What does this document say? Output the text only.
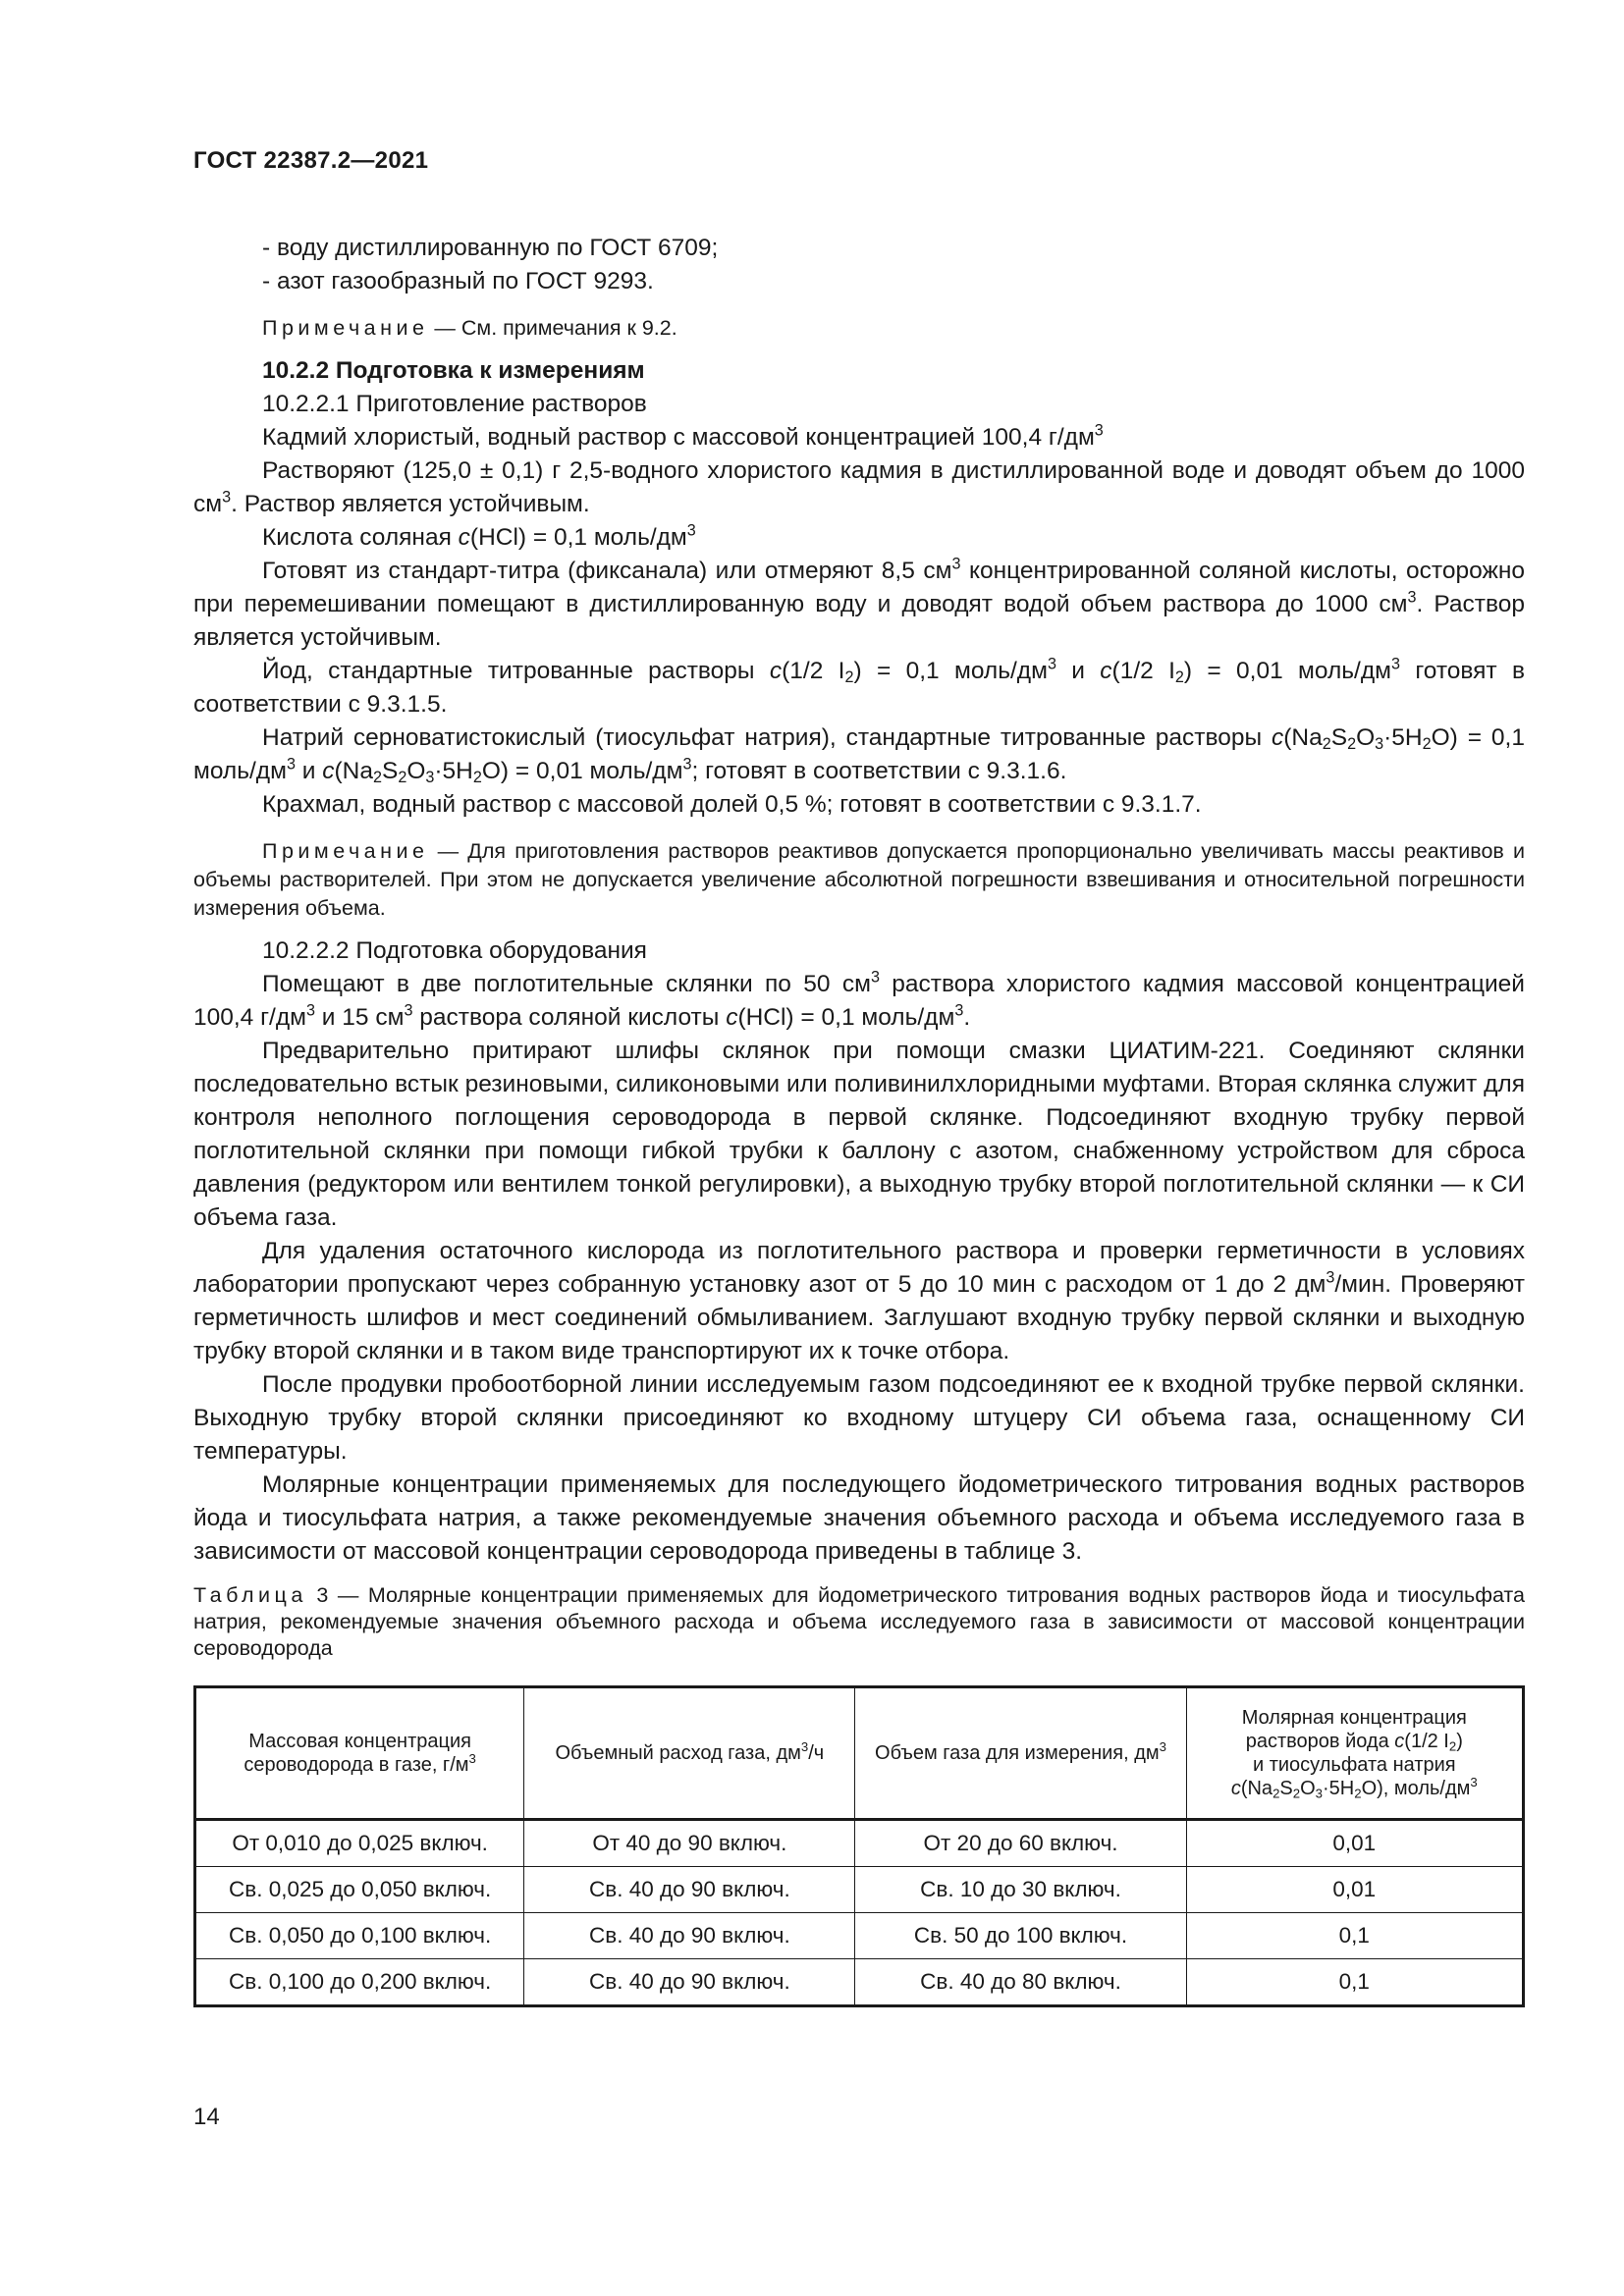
ГОСТ 22387.2—2021

- воду дистиллированную по ГОСТ 6709;

- азот газообразный по ГОСТ 9293.

Примечание — См. примечания к 9.2.

10.2.2 Подготовка к измерениям

10.2.2.1 Приготовление растворов

Кадмий хлористый, водный раствор с массовой концентрацией 100,4 $г/дм^3$

Растворяют (125,0 ± 0,1) г 2,5-водного хлористого кадмия в дистиллированной воде и доводят объем до 1000 $см^3$. Раствор является устойчивым.

Кислота соляная c(HCl) = 0,1 моль/$дм^3$

Готовят из стандарт-титра (фиксанала) или отмеряют 8,5 $см^3$ концентрированной соляной кислоты, осторожно при перемешивании помещают в дистиллированную воду и доводят водой объем раствора до 1000 $см^3$. Раствор является устойчивым.

Йод, стандартные титрованные растворы c(1/2 $I_2) = 0,1$ моль/$дм^3$ и c(1/2 $I_2) = 0,01$ моль/$дм^3$ готовят в соответствии с 9.3.1.5.

Натрий серноватистокислый (тиосульфат натрия), стандартные титрованные растворы $c(Na_2S_2O_3\cdot 5H_2O) = 0,1$ моль/$дм^3$ и $c(Na_2S_2O_3\cdot 5H_2O) = 0,01$ моль/$дм^3$; готовят в соответствии с 9.3.1.6.

Крахмал, водный раствор с массовой долей 0,5 %; готовят в соответствии с 9.3.1.7.

Примечание — Для приготовления растворов реактивов допускается пропорционально увеличивать массы реактивов и объемы растворителей. При этом не допускается увеличение абсолютной погрешности взвешивания и относительной погрешности измерения объема.

10.2.2.2 Подготовка оборудования

Помещают в две поглотительные склянки по 50 $см^3$ раствора хлористого кадмия массовой концентрацией 100,4 $г/дм^3$ и 15 $см^3$ раствора соляной кислоты c(HCl) = 0,1 моль/$дм^3$.

Предварительно притирают шлифы склянок при помощи смазки ЦИАТИМ-221. Соединяют склянки последовательно встык резиновыми, силиконовыми или поливинилхлоридными муфтами. Вторая склянка служит для контроля неполного поглощения сероводорода в первой склянке. Подсоединяют входную трубку первой поглотительной склянки при помощи гибкой трубки к баллону с азотом, снабженному устройством для сброса давления (редуктором или вентилем тонкой регулировки), а выходную трубку второй поглотительной склянки — к СИ объема газа.

Для удаления остаточного кислорода из поглотительного раствора и проверки герметичности в условиях лаборатории пропускают через собранную установку азот от 5 до 10 мин с расходом от 1 до 2 $дм^3$/мин. Проверяют герметичность шлифов и мест соединений обмыливанием. Заглушают входную трубку первой склянки и выходную трубку второй склянки и в таком виде транспортируют их к точке отбора.

После продувки пробоотборной линии исследуемым газом подсоединяют ее к входной трубке первой склянки. Выходную трубку второй склянки присоединяют ко входному штуцеру СИ объема газа, оснащенному СИ температуры.

Молярные концентрации применяемых для последующего йодометрического титрования водных растворов йода и тиосульфата натрия, а также рекомендуемые значения объемного расхода и объема исследуемого газа в зависимости от массовой концентрации сероводорода приведены в таблице 3.

Таблица 3 — Молярные концентрации применяемых для йодометрического титрования водных растворов йода и тиосульфата натрия, рекомендуемые значения объемного расхода и объема исследуемого газа в зависимости от массовой концентрации сероводорода

Массовая концентрация сероводорода в газе, $г/м^3$	Объемный расход газа, $дм^3/ч$	Объем газа для измерения, $дм^3$	Молярная концентрация растворов йода c(1/2 $I_2$)
и тиосульфата натрия
$c(Na_2S_2O_3\cdot 5H_2O)$, моль/$дм^3$
От 0,010 до 0,025 включ.	От 40 до 90 включ.	От 20 до 60 включ.	0,01
Св. 0,025 до 0,050 включ.	Св. 40 до 90 включ.	Св. 10 до 30 включ.	0,01
Св. 0,050 до 0,100 включ.	Св. 40 до 90 включ.	Св. 50 до 100 включ.	0,1
Св. 0,100 до 0,200 включ.	Св. 40 до 90 включ.	Св. 40 до 80 включ.	0,1
14
